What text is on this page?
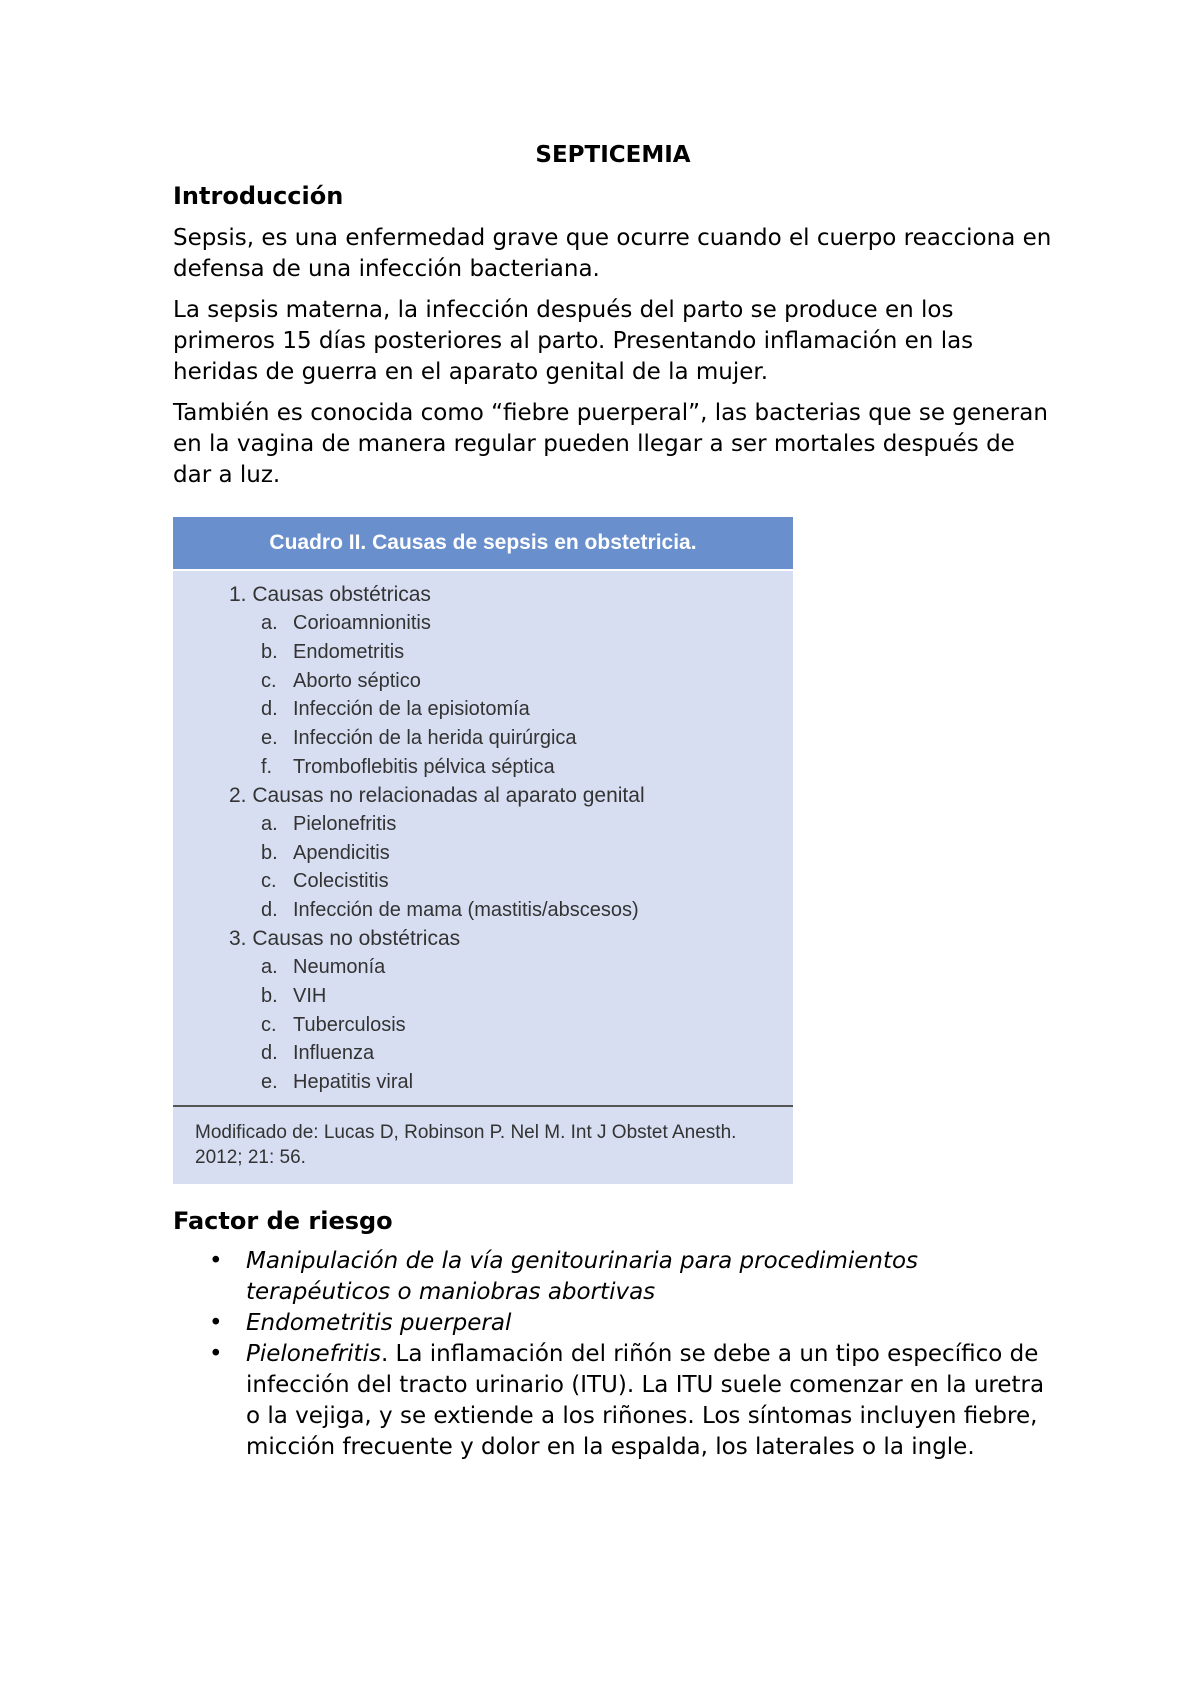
SEPTICEMIA
Introducción

Sepsis, es una enfermedad grave que ocurre cuando el cuerpo reacciona en defensa de una infección bacteriana.

La sepsis materna, la infección después del parto se produce en los primeros 15 días posteriores al parto. Presentando inflamación en las heridas de guerra en el aparato genital de la mujer.

También es conocida como “fiebre puerperal”, las bacterias que se generan en la vagina de manera regular pueden llegar a ser mortales después de dar a luz.

Cuadro II. Causas de sepsis en obstetricia.
1. Causas obstétricas
a. Corioamnionitis
b. Endometritis
c. Aborto séptico
d. Infección de la episiotomía
e. Infección de la herida quirúrgica
f. Tromboflebitis pélvica séptica
2. Causas no relacionadas al aparato genital
a. Pielonefritis
b. Apendicitis
c. Colecistitis
d. Infección de mama (mastitis/abscesos)
3. Causas no obstétricas
a. Neumonía
b. VIH
c. Tuberculosis
d. Influenza
e. Hepatitis viral
Modificado de: Lucas D, Robinson P. Nel M. Int J Obstet Anesth. 2012; 21: 56.
Factor de riesgo
• Manipulación de la vía genitourinaria para procedimientos terapéuticos o maniobras abortivas
• Endometritis puerperal
• Pielonefritis. La inflamación del riñón se debe a un tipo específico de infección del tracto urinario (ITU). La ITU suele comenzar en la uretra o la vejiga, y se extiende a los riñones. Los síntomas incluyen fiebre, micción frecuente y dolor en la espalda, los laterales o la ingle.
